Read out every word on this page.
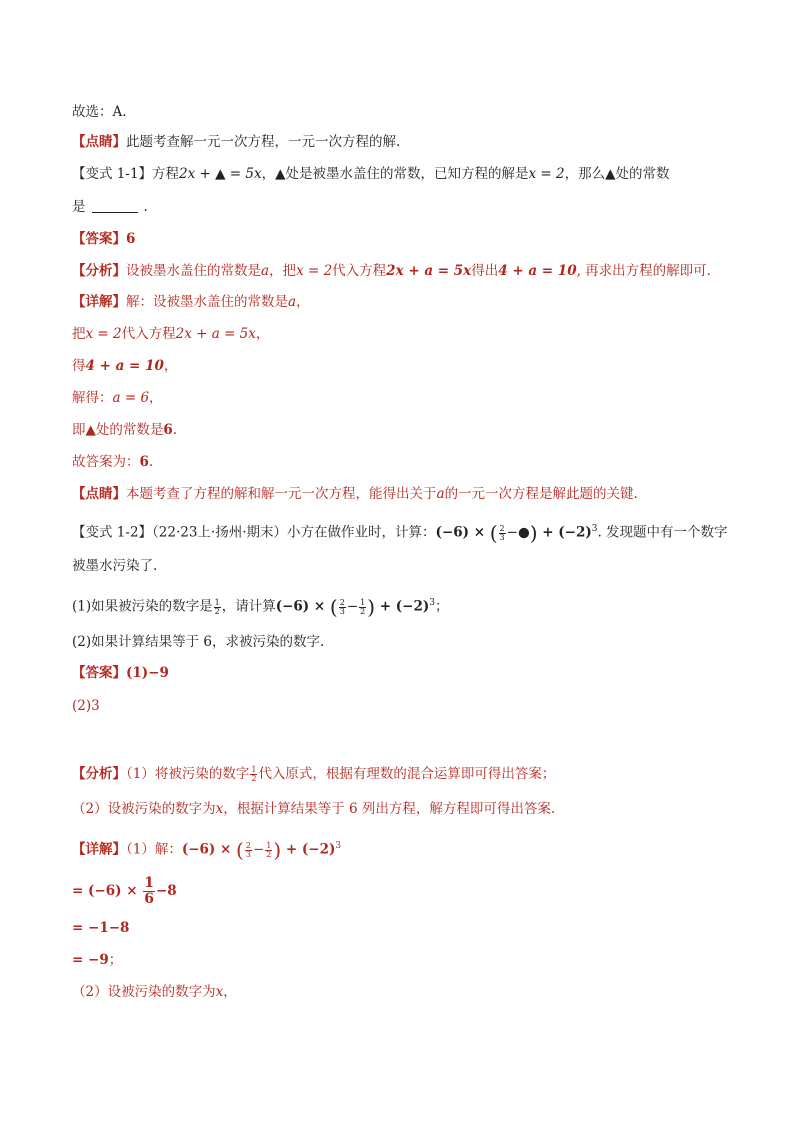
故选：A.
【点睛】此题考查解一元一次方程，一元一次方程的解.
【变式 1-1】方程2x + ▲ = 5x，▲处是被墨水盖住的常数，已知方程的解是x = 2，那么▲处的常数
是	.
【答案】6
【分析】设被墨水盖住的常数是a，把x = 2代入方程2x + a = 5x得出4 + a = 10, 再求出方程的解即可.
【详解】解：设被墨水盖住的常数是a，
把x = 2代入方程2x + a = 5x，
得4 + a = 10，
解得：a = 6，
即▲处的常数是6.
故答案为：6.
【点睛】本题考查了方程的解和解一元一次方程，能得出关于a的一元一次方程是解此题的关键.
【变式 1-2】（22·23上·扬州·期末）小方在做作业时，计算：(−6) × ( $\frac{2}{3}$ −●) + $(-2)^3$. 发现题中有一个数字
被墨水污染了.
(1)如果被污染的数字是 $\frac{1}{2}$ ，请计算(−6) × ( $\frac{2}{3} - \frac{1}{2}$ ) + $(-2)^3$；
(2)如果计算结果等于 6，求被污染的数字.
【答案】(1)−9
(2)3
【分析】（1）将被污染的数字 $\frac{1}{2}$ 代入原式，根据有理数的混合运算即可得出答案；
（2）设被污染的数字为x，根据计算结果等于 6 列出方程，解方程即可得出答案.
【详解】（1）解：(−6) × ( $\frac{2}{3} - \frac{1}{2}$ ) + $(-2)^3$
= $(-6) \times \frac{1}{6} -8$
= −1−8
= −9；
（2）设被污染的数字为x，
